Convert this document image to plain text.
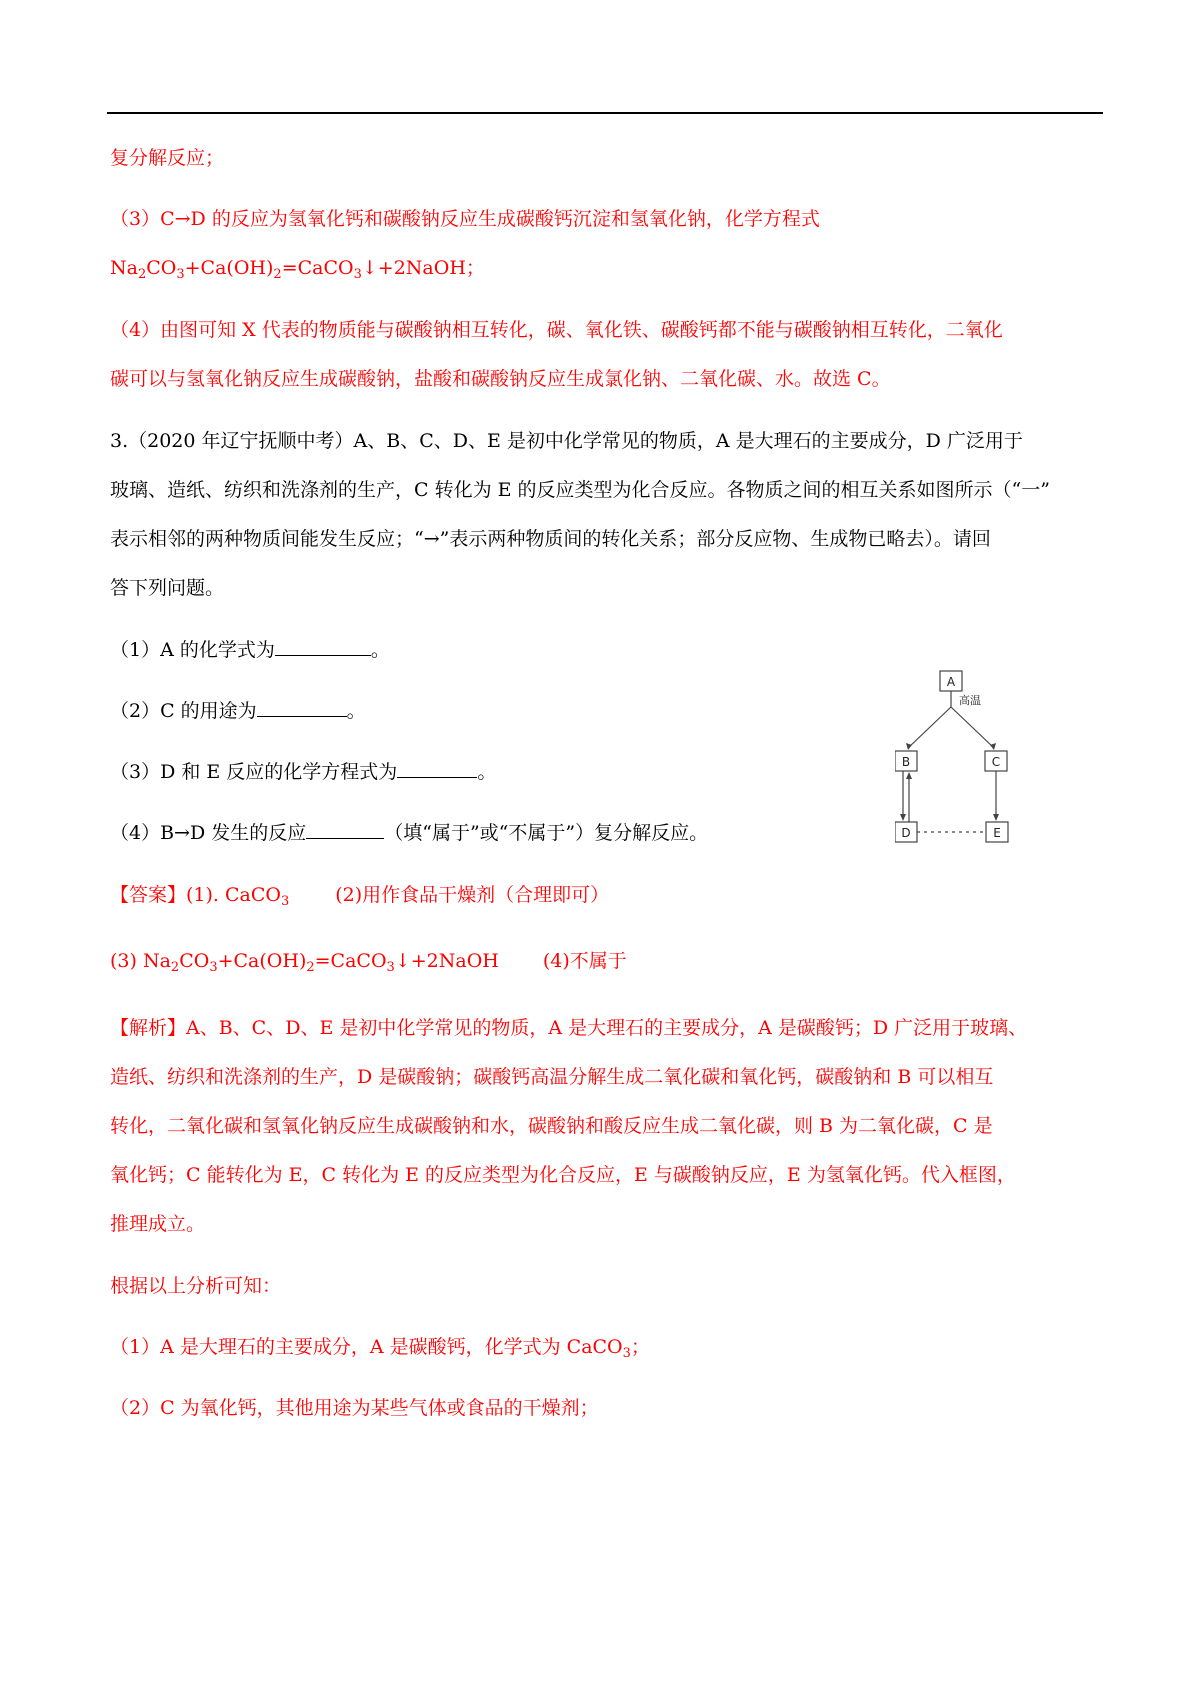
复分解反应；
（3）C→D 的反应为氢氧化钙和碳酸钠反应生成碳酸钙沉淀和氢氧化钠，化学方程式
$Na_2CO_3+Ca(OH)_2=CaCO_3↓+2NaOH$；
（4）由图可知 X 代表的物质能与碳酸钠相互转化，碳、氧化铁、碳酸钙都不能与碳酸钠相互转化，二氧化
碳可以与氢氧化钠反应生成碳酸钠，盐酸和碳酸钠反应生成氯化钠、二氧化碳、水。故选 C。
3.（2020 年辽宁抚顺中考）A、B、C、D、E 是初中化学常见的物质，A 是大理石的主要成分，D 广泛用于
玻璃、造纸、纺织和洗涤剂的生产，C 转化为 E 的反应类型为化合反应。各物质之间的相互关系如图所示（“一”
表示相邻的两种物质间能发生反应；“→”表示两种物质间的转化关系；部分反应物、生成物已略去）。请回
答下列问题。
（1）A 的化学式为	。
（2）C 的用途为	。
（3）D 和 E 反应的化学方程式为	。
（4）B→D 发生的反应	（填“属于”或“不属于”）复分解反应。
【答案】(1). CaCO$_3$ (2)用作食品干燥剂（合理即可）
(3) $Na_2CO_3+Ca(OH)_2=CaCO_3↓+2NaOH$ (4)不属于
【解析】A、B、C、D、E 是初中化学常见的物质，A 是大理石的主要成分，A 是碳酸钙；D 广泛用于玻璃、
造纸、纺织和洗涤剂的生产，D 是碳酸钠；碳酸钙高温分解生成二氧化碳和氧化钙，碳酸钠和 B 可以相互
转化，二氧化碳和氢氧化钠反应生成碳酸钠和水，碳酸钠和酸反应生成二氧化碳，则 B 为二氧化碳，C 是
氧化钙；C 能转化为 E，C 转化为 E 的反应类型为化合反应，E 与碳酸钠反应，E 为氢氧化钙。代入框图，
推理成立。
根据以上分析可知：
（1）A 是大理石的主要成分，A 是碳酸钙，化学式为 CaCO$_3$；
（2）C 为氧化钙，其他用途为某些气体或食品的干燥剂；
A
B	C
D	E
高温
